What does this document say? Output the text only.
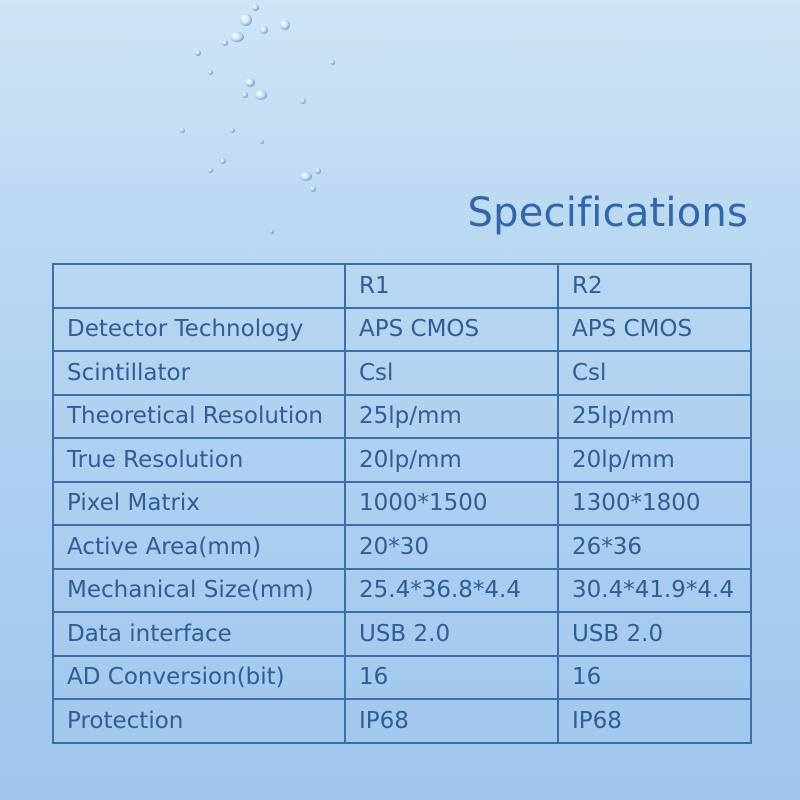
Specifications
	R1	R2
Detector Technology	APS CMOS	APS CMOS
Scintillator	Csl	Csl
Theoretical Resolution	25lp/mm	25lp/mm
True Resolution	20lp/mm	20lp/mm
Pixel Matrix	1000*1500	1300*1800
Active Area(mm)	20*30	26*36
Mechanical Size(mm)	25.4*36.8*4.4	30.4*41.9*4.4
Data interface	USB 2.0	USB 2.0
AD Conversion(bit)	16	16
Protection	IP68	IP68
